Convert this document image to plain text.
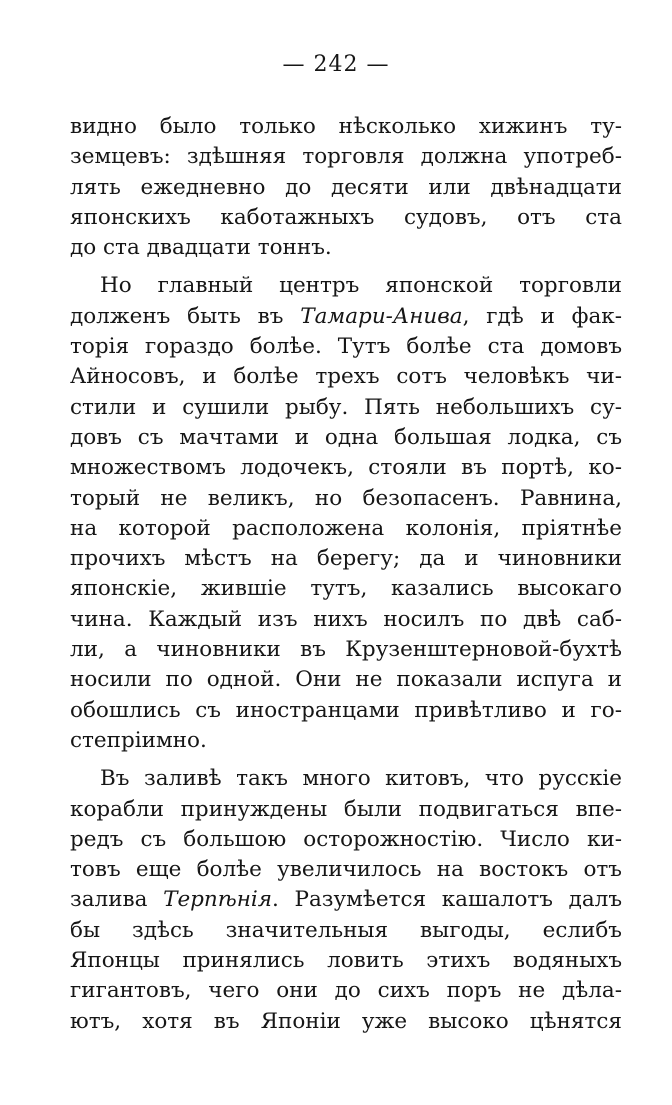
— 242 —

видно было только нѣсколько хижинъ ту-
земцевъ: здѣшняя торговля должна употреб-
лять ежедневно до десяти или двѣнадцати
японскихъ каботажныхъ судовъ, отъ ста
до ста двадцати тоннъ.

Но главный центръ японской торговли
долженъ быть въ Тамари-Анива, гдѣ и фак-
торія гораздо болѣе. Тутъ болѣе ста домовъ
Айносовъ, и болѣе трехъ сотъ человѣкъ чи-
стили и сушили рыбу. Пять небольшихъ су-
довъ съ мачтами и одна большая лодка, съ
множествомъ лодочекъ, стояли въ портѣ, ко-
торый не великъ, но безопасенъ. Равнина,
на которой расположена колонія, пріятнѣе
прочихъ мѣстъ на берегу; да и чиновники
японскіе, жившіе тутъ, казались высокаго
чина. Каждый изъ нихъ носилъ по двѣ саб-
ли, а чиновники въ Крузенштерновой-бухтѣ
носили по одной. Они не показали испуга и
обошлись съ иностранцами привѣтливо и го-
степріимно.

Въ заливѣ такъ много китовъ, что русскіе
корабли принуждены были подвигаться впе-
редъ съ большою осторожностію. Число ки-
товъ еще болѣе увеличилось на востокъ отъ
залива Терпѣнія. Разумѣется кашалотъ далъ
бы здѣсь значительныя выгоды, еслибъ
Японцы принялись ловить этихъ водяныхъ
гигантовъ, чего они до сихъ поръ не дѣла-
ютъ, хотя въ Японіи уже высоко цѣнятся
